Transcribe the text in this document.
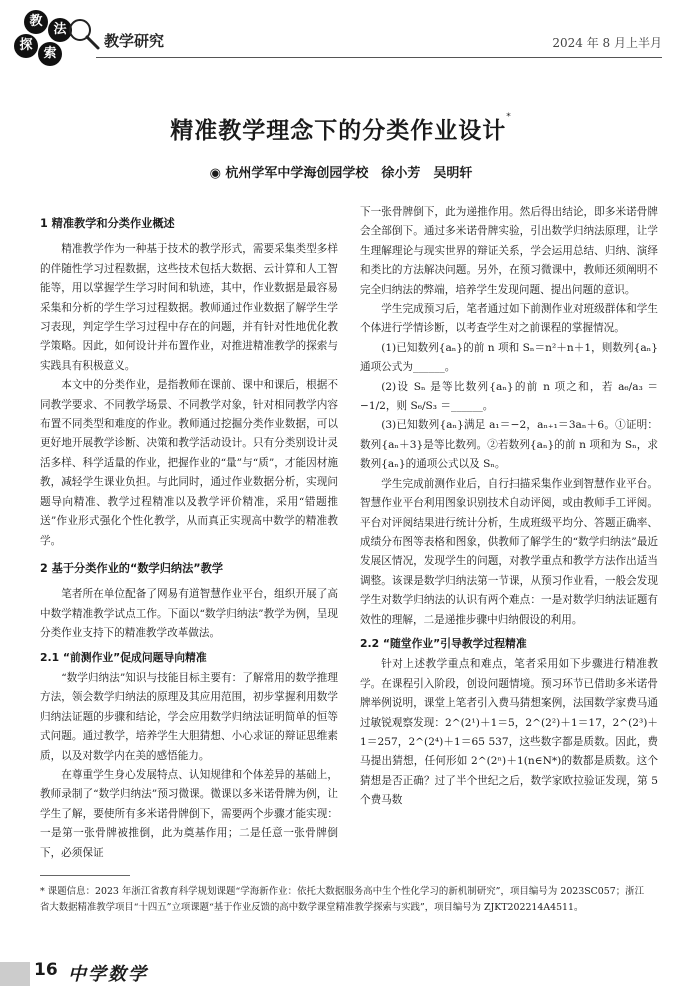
教
法
探
索
教学研究	2024 年 8 月上半月
精准教学理念下的分类作业设计*
◉ 杭州学军中学海创园学校　徐小芳　吴明轩
1 精准教学和分类作业概述

精准教学作为一种基于技术的教学形式，需要采集类型多样的伴随性学习过程数据，这些技术包括大数据、云计算和人工智能等，用以掌握学生学习时间和轨迹，其中，作业数据是最容易采集和分析的学生学习过程数据。教师通过作业数据了解学生学习表现，判定学生学习过程中存在的问题，并有针对性地优化教学策略。因此，如何设计并布置作业，对推进精准教学的探索与实践具有积极意义。

本文中的分类作业，是指教师在课前、课中和课后，根据不同教学要求、不同教学场景、不同教学对象，针对相同教学内容布置不同类型和难度的作业。教师通过挖掘分类作业数据，可以更好地开展教学诊断、决策和教学活动设计。只有分类别设计灵活多样、科学适量的作业，把握作业的“量”与“质”，才能因材施教，减轻学生课业负担。与此同时，通过作业数据分析，实现问题导向精准、教学过程精准以及教学评价精准，采用“错题推送”作业形式强化个性化教学，从而真正实现高中数学的精准教学。

2 基于分类作业的“数学归纳法”教学

笔者所在单位配备了网易有道智慧作业平台，组织开展了高中数学精准教学试点工作。下面以“数学归纳法”教学为例，呈现分类作业支持下的精准教学改革做法。

2.1 “前测作业”促成问题导向精准

“数学归纳法”知识与技能目标主要有：了解常用的数学推理方法，领会数学归纳法的原理及其应用范围，初步掌握利用数学归纳法证题的步骤和结论，学会应用数学归纳法证明简单的恒等式问题。通过教学，培养学生大胆猜想、小心求证的辩证思维素质，以及对数学内在美的感悟能力。

在尊重学生身心发展特点、认知规律和个体差异的基础上，教师录制了“数学归纳法”预习微课。微课以多米诺骨牌为例，让学生了解，要使所有多米诺骨牌倒下，需要两个步骤才能实现：一是第一张骨牌被推倒，此为奠基作用；二是任意一张骨牌倒下，必须保证

下一张骨牌倒下，此为递推作用。然后得出结论，即多米诺骨牌会全部倒下。通过多米诺骨牌实验，引出数学归纳法原理，让学生理解理论与现实世界的辩证关系，学会运用总结、归纳、演绎和类比的方法解决问题。另外，在预习微课中，教师还须阐明不完全归纳法的弊端，培养学生发现问题、提出问题的意识。

学生完成预习后，笔者通过如下前测作业对班级群体和学生个体进行学情诊断，以考查学生对之前课程的掌握情况。

(1)已知数列{aₙ}的前 n 项和 Sₙ＝n²＋n＋1，则数列{aₙ}通项公式为______。

(2)设 Sₙ 是等比数列{aₙ}的前 n 项之和，若 a₆/a₃ ＝ −1/2，则 S₆/S₃ ＝______。

(3)已知数列{aₙ}满足 a₁＝−2，aₙ₊₁＝3aₙ＋6。①证明：数列{aₙ＋3}是等比数列。②若数列{aₙ}的前 n 项和为 Sₙ，求数列{aₙ}的通项公式以及 Sₙ。

学生完成前测作业后，自行扫描采集作业到智慧作业平台。智慧作业平台利用图象识别技术自动评阅，或由教师手工评阅。平台对评阅结果进行统计分析，生成班级平均分、答题正确率、成绩分布图等表格和图象，供教师了解学生的“数学归纳法”最近发展区情况，发现学生的问题，对教学重点和教学方法作出适当调整。该课是数学归纳法第一节课，从预习作业看，一般会发现学生对数学归纳法的认识有两个难点：一是对数学归纳法证题有效性的理解，二是递推步骤中归纳假设的利用。

2.2 “随堂作业”引导教学过程精准

针对上述教学重点和难点，笔者采用如下步骤进行精准教学。在课程引入阶段，创设问题情境。预习环节已借助多米诺骨牌举例说明，课堂上笔者引入费马猜想案例，法国数学家费马通过敏锐观察发现：2^(2¹)＋1＝5，2^(2²)＋1＝17，2^(2³)＋1＝257，2^(2⁴)＋1＝65 537，这些数字都是质数。因此，费马提出猜想，任何形如 2^(2ⁿ)＋1(n∈N*)的数都是质数。这个猜想是否正确？过了半个世纪之后，数学家欧拉验证发现，第 5 个费马数

* 课题信息：2023 年浙江省教育科学规划课题“学海新作业：依托大数据服务高中生个性化学习的新机制研究”，项目编号为 2023SC057；浙江省大数据精准教学项目“十四五”立项课题“基于作业反馈的高中数学课堂精准教学探索与实践”，项目编号为 ZJKT202214A4511。
16 中学数学
